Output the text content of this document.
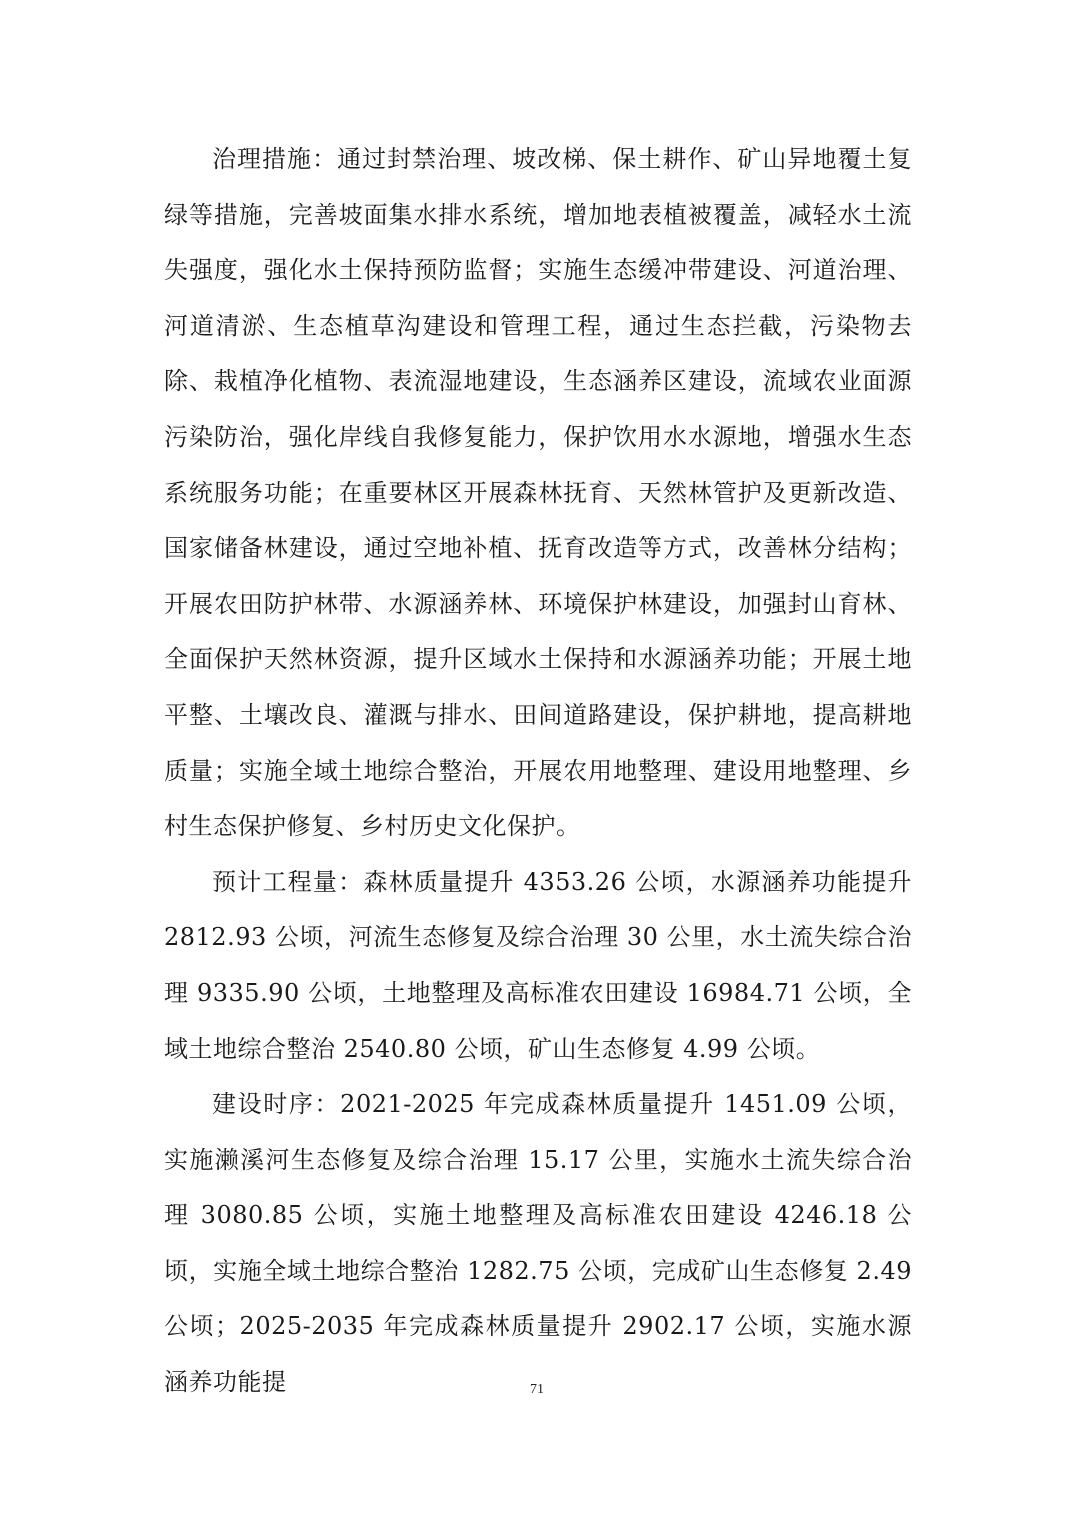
治理措施：通过封禁治理、坡改梯、保土耕作、矿山异地覆土复绿等措施，完善坡面集水排水系统，增加地表植被覆盖，减轻水土流失强度，强化水土保持预防监督；实施生态缓冲带建设、河道治理、河道清淤、生态植草沟建设和管理工程，通过生态拦截，污染物去除、栽植净化植物、表流湿地建设，生态涵养区建设，流域农业面源污染防治，强化岸线自我修复能力，保护饮用水水源地，增强水生态系统服务功能；在重要林区开展森林抚育、天然林管护及更新改造、国家储备林建设，通过空地补植、抚育改造等方式，改善林分结构；开展农田防护林带、水源涵养林、环境保护林建设，加强封山育林、全面保护天然林资源，提升区域水土保持和水源涵养功能；开展土地平整、土壤改良、灌溉与排水、田间道路建设，保护耕地，提高耕地质量；实施全域土地综合整治，开展农用地整理、建设用地整理、乡村生态保护修复、乡村历史文化保护。

预计工程量：森林质量提升 4353.26 公顷，水源涵养功能提升 2812.93 公顷，河流生态修复及综合治理 30 公里，水土流失综合治理 9335.90 公顷，土地整理及高标准农田建设 16984.71 公顷，全域土地综合整治 2540.80 公顷，矿山生态修复 4.99 公顷。

建设时序：2021-2025 年完成森林质量提升 1451.09 公顷，实施濑溪河生态修复及综合治理 15.17 公里，实施水土流失综合治理 3080.85 公顷，实施土地整理及高标准农田建设 4246.18 公顷，实施全域土地综合整治 1282.75 公顷，完成矿山生态修复 2.49 公顷；2025-2035 年完成森林质量提升 2902.17 公顷，实施水源涵养功能提	71
